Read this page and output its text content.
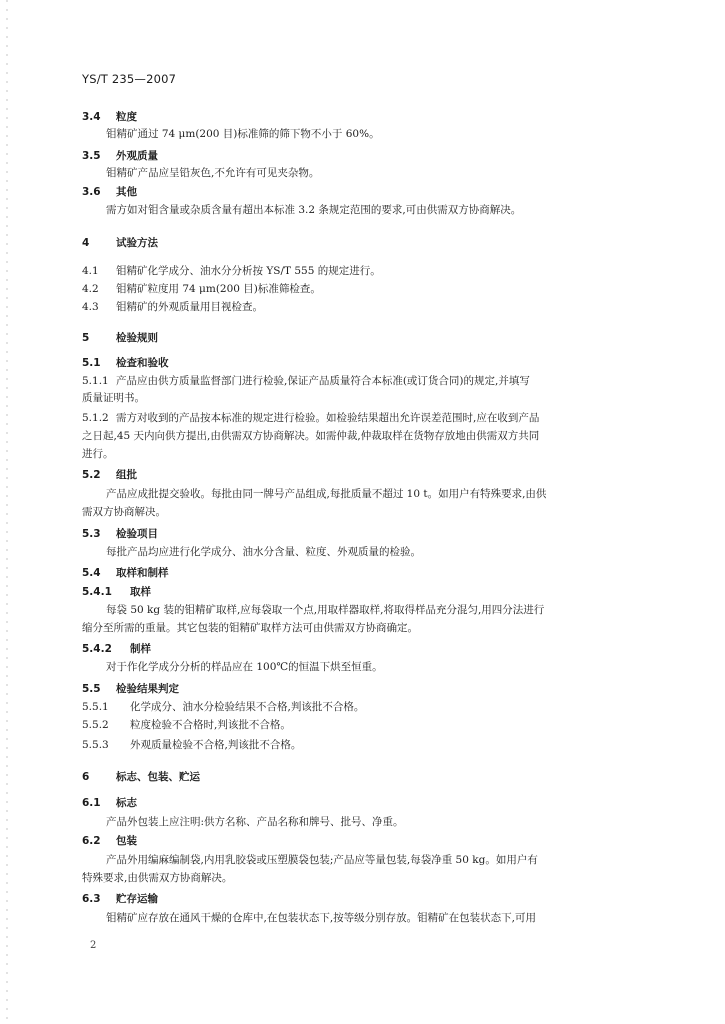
YS/T 235—2007
3.4 粒度
钼精矿通过 74 μm(200 目)标准筛的筛下物不小于 60%。
3.5 外观质量
钼精矿产品应呈铅灰色,不允许有可见夹杂物。
3.6 其他
需方如对钼含量或杂质含量有超出本标准 3.2 条规定范围的要求,可由供需双方协商解决。
4	试验方法
4.1 钼精矿化学成分、油水分分析按 YS/T 555 的规定进行。
4.2 钼精矿粒度用 74 μm(200 目)标准筛检查。
4.3 钼精矿的外观质量用目视检查。
5	检验规则
5.1 检查和验收
5.1.1 产品应由供方质量监督部门进行检验,保证产品质量符合本标准(或订货合同)的规定,并填写
质量证明书。
5.1.2 需方对收到的产品按本标准的规定进行检验。如检验结果超出允许误差范围时,应在收到产品
之日起,45 天内向供方提出,由供需双方协商解决。如需仲裁,仲裁取样在货物存放地由供需双方共同
进行。
5.2 组批
产品应成批提交验收。每批由同一牌号产品组成,每批质量不超过 10 t。如用户有特殊要求,由供
需双方协商解决。
5.3 检验项目
每批产品均应进行化学成分、油水分含量、粒度、外观质量的检验。
5.4 取样和制样
5.4.1 取样
每袋 50 kg 装的钼精矿取样,应每袋取一个点,用取样器取样,将取得样品充分混匀,用四分法进行
缩分至所需的重量。其它包装的钼精矿取样方法可由供需双方协商确定。
5.4.2 制样
对于作化学成分分析的样品应在 100℃的恒温下烘至恒重。
5.5 检验结果判定
5.5.1 化学成分、油水分检验结果不合格,判该批不合格。
5.5.2 粒度检验不合格时,判该批不合格。
5.5.3 外观质量检验不合格,判该批不合格。
6	标志、包装、贮运
6.1 标志
产品外包装上应注明:供方名称、产品名称和牌号、批号、净重。
6.2 包装
产品外用编麻编制袋,内用乳胶袋或压塑膜袋包装;产品应等量包装,每袋净重 50 kg。如用户有
特殊要求,由供需双方协商解决。
6.3 贮存运输
钼精矿应存放在通风干燥的仓库中,在包装状态下,按等级分别存放。钼精矿在包装状态下,可用
2
